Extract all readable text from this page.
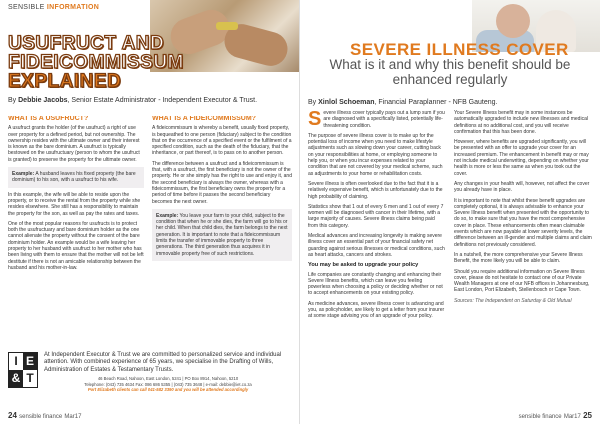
SENSIBLE INFORMATION
USUFRUCT AND
FIDEICOMMISSUM
EXPLAINED
By Debbie Jacobs, Senior Estate Administrator - Independent Executor & Trust.
WHAT IS A USUFRUCT?

A usufruct grants the holder (of the usufruct) a right of use over property for a defined period, but not ownership. The ownership resides with the ultimate owner and their interest is known as the bare dominium. A usufruct is typically bestowed on the usufructuary (person to whom the usufruct is granted) to preserve the property for the ultimate owner.

Example: A husband leaves his fixed property (the bare dominium) to his son, with a usufruct to his wife.

In this example, the wife will be able to reside upon the property, or to receive the rental from the property while she resides elsewhere. She still has a responsibility to maintain the property for the son, as well as pay the rates and taxes.

One of the most popular reasons for usufructs is to protect both the usufructuary and bare dominium holder as the one cannot alienate the property without the consent of the bare dominium holder. An example would be a wife leaving her property to her husband with usufruct to her mother who has been living with them to ensure that the mother will not be left destitute if there is not an amicable relationship between the husband and his mother-in-law.

WHAT IS A FIDEICOMMISSUM?

A fideicommissum is whereby a benefit, usually fixed property, is bequeathed to one person (fiduciary) subject to the condition that on the occurrence of a specified event or the fulfilment of a specified condition, such as the death of the fiduciary, that the inheritance, or part thereof, is to pass on to another person.

The difference between a usufruct and a fideicommissum is that, with a usufruct, the first beneficiary is not the owner of the property. He or she simply has the right to use and enjoy it, and the second beneficiary is always the owner, whereas with a fideicommissum, the first beneficiary owns the property for a period of time before it passes the second beneficiary becomes the next owner.

Example: You leave your farm to your child, subject to the condition that when he or she dies, the farm will go to his or her child. When that child dies, the farm belongs to the next generation. It is important to note that a fideicommissum limits the transfer of immovable property to three generations. The third generation thus acquires it in immovable property free of such restrictions.
I E
& T
At Independent Executor & Trust we are committed to personalized service and individual attention. With combined experience of 65 years, we specialise in the Drafting of Wills, Administration of Estates & Testamentary Trusts.
46 Beach Road, Nahoon, East London, 5241 | PO Box 8914, Nahoon, 5210
Telephone: (043) 735 4634 Fax: 086 686 5355 | (043) 735 3648 | e-mail: debbie@iet.co.za
Port Elizabeth clients can call 041-582 3390 and you will be attended accordingly
24 sensible finance Mar17
SEVERE ILLNESS COVER
What is it and why this benefit should be enhanced regularly
By Xinlol Schoeman, Financial Paraplanner - NFB Gauteng.

Severe illness cover typically pays out a lump sum if you are diagnosed with a specifically listed, potentially life-threatening condition.

The purpose of severe illness cover is to make up for the potential loss of income when you need to make lifestyle adjustments such as slowing down your career, cutting back on your responsibilities at home, or employing someone to help you, or when you incur expenses related to your condition that are not covered by your medical scheme, such as adjustments to your home or rehabilitation costs.

Severe illness is often overlooked due to the fact that it is a relatively expensive benefit, which is unfortunately due to the high probability of claiming.

Statistics show that 1 out of every 6 men and 1 out of every 7 women will be diagnosed with cancer in their lifetime, with a large majority of causes. Severe illness claims being paid from this category.

Medical advances and increasing longevity is making severe illness cover an essential part of your financial safety net guarding against serious illnesses or medical conditions, such as heart attacks, cancers and strokes.

You may be asked to upgrade your policy

Life companies are constantly changing and enhancing their Severe Illness benefits, which can leave you feeling powerless when choosing a policy or deciding whether or not to accept enhancements on your existing policy.

As medicine advances, severe illness cover is advancing and you, as policyholder, are likely to get a letter from your insurer at some stage advising you of an upgrade of your policy.

Your Severe Illness benefit may in some instances be automatically upgraded to include new illnesses and medical definitions at no additional cost, and you will receive confirmation that this has been done.

However, where benefits are upgraded significantly, you will be presented with an offer to upgrade your cover for an increased premium. The enhancement in benefit may or may not include medical underwriting, depending on whether your health is more or less the same as when you took out the cover.

Any changes in your health will, however, not affect the cover you already have in place.

It is important to note that whilst these benefit upgrades are completely optional, it is always advisable to enhance your Severe Illness benefit when presented with the opportunity to do so, to make sure that you have the most comprehensive cover in place. These enhancements often mean claimable events which are now payable at lower severity levels, the difference between an ill-gender and multiple claims and claim definitions not previously considered.

In a nutshell, the more comprehensive your Severe Illness Benefit, the more likely you will be able to claim.

Should you require additional information on Severe Illness cover, please do not hesitate to contact one of our Private Wealth Managers at one of our NFB offices in Johannesburg, East London, Port Elizabeth, Stellenbosch or Cape Town.

Sources: The Independent on Saturday & Old Mutual

sensible finance Mar17 25
